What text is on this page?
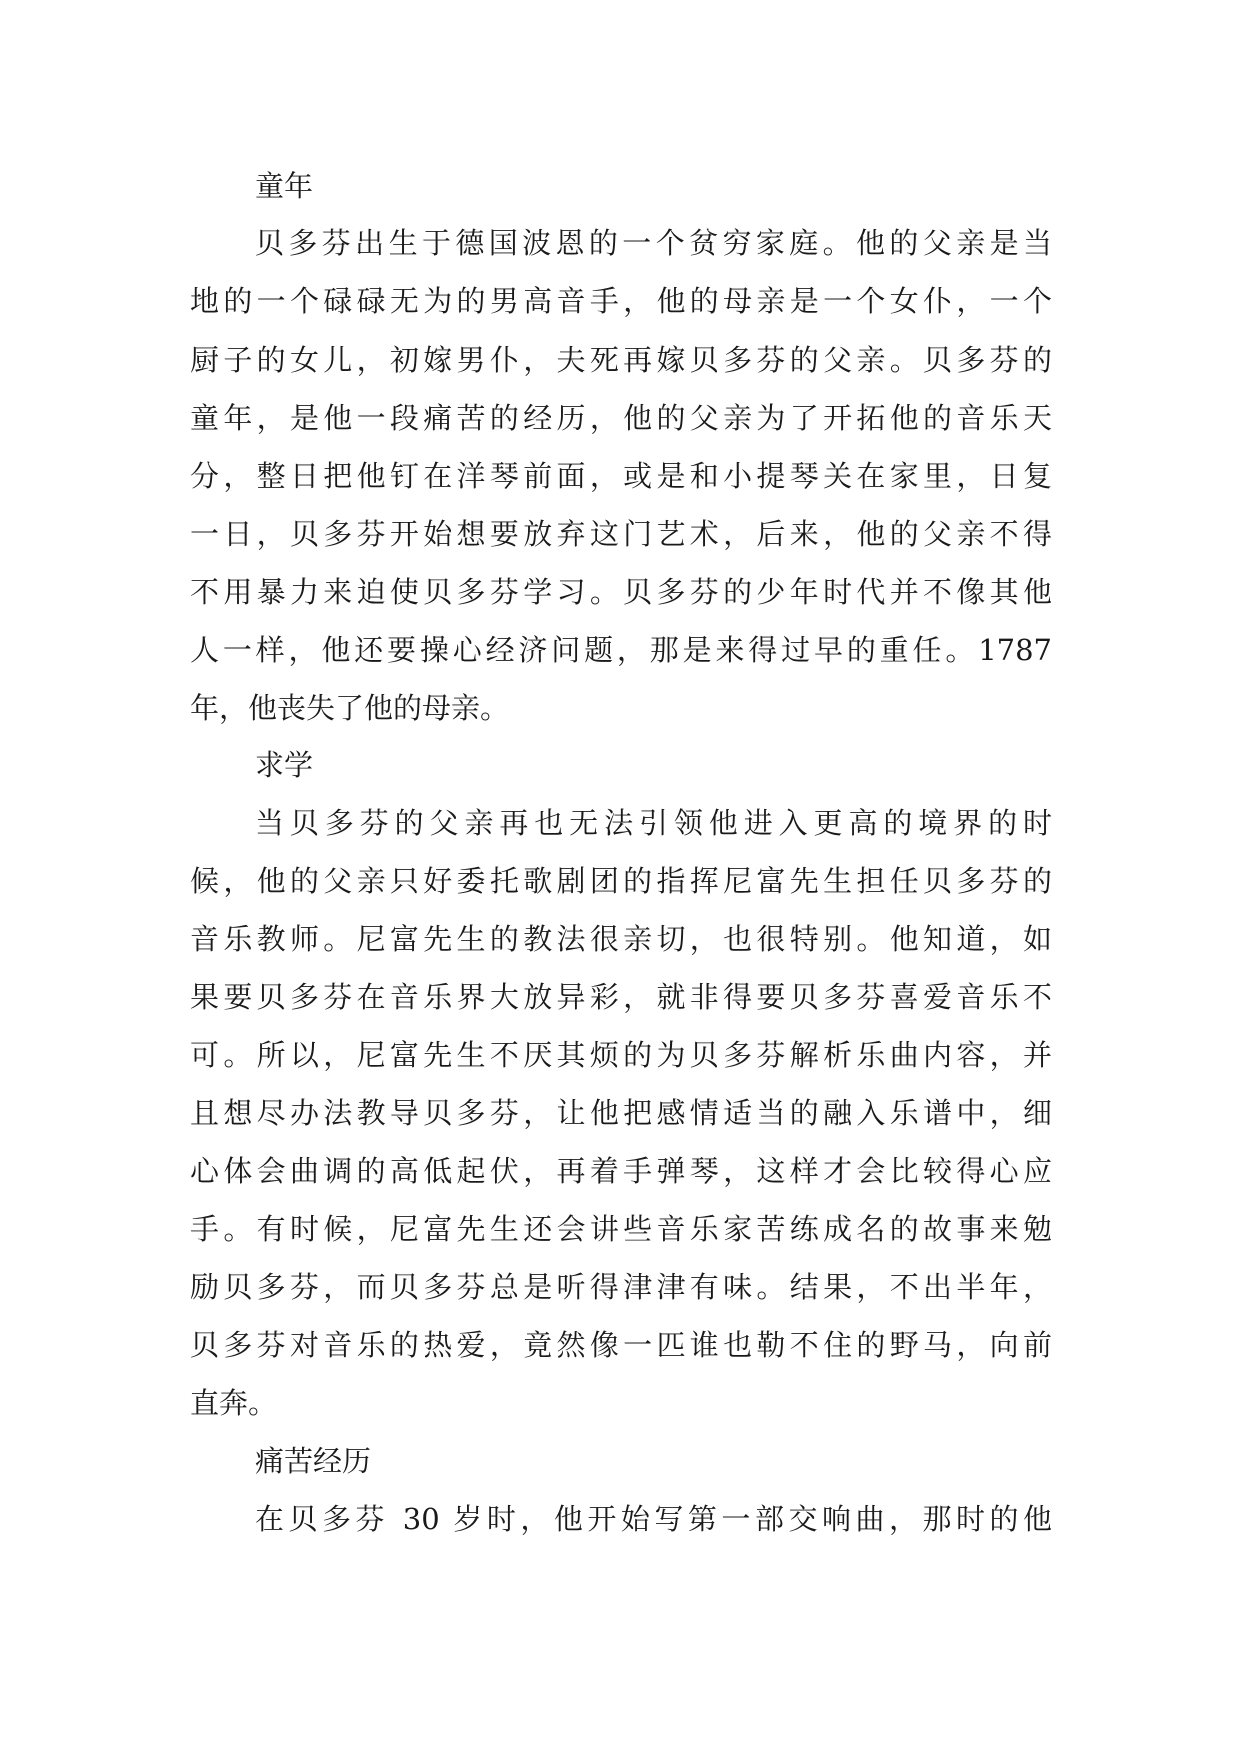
童年
贝多芬出生于德国波恩的一个贫穷家庭。他的父亲是当
地的一个碌碌无为的男高音手，他的母亲是一个女仆，一个
厨子的女儿，初嫁男仆，夫死再嫁贝多芬的父亲。贝多芬的
童年，是他一段痛苦的经历，他的父亲为了开拓他的音乐天
分，整日把他钉在洋琴前面，或是和小提琴关在家里，日复
一日，贝多芬开始想要放弃这门艺术，后来，他的父亲不得
不用暴力来迫使贝多芬学习。贝多芬的少年时代并不像其他
人一样，他还要操心经济问题，那是来得过早的重任。1787
年，他丧失了他的母亲。
求学
当贝多芬的父亲再也无法引领他进入更高的境界的时
候，他的父亲只好委托歌剧团的指挥尼富先生担任贝多芬的
音乐教师。尼富先生的教法很亲切，也很特别。他知道，如
果要贝多芬在音乐界大放异彩，就非得要贝多芬喜爱音乐不
可。所以，尼富先生不厌其烦的为贝多芬解析乐曲内容，并
且想尽办法教导贝多芬，让他把感情适当的融入乐谱中，细
心体会曲调的高低起伏，再着手弹琴，这样才会比较得心应
手。有时候，尼富先生还会讲些音乐家苦练成名的故事来勉
励贝多芬，而贝多芬总是听得津津有味。结果，不出半年，
贝多芬对音乐的热爱，竟然像一匹谁也勒不住的野马，向前
直奔。
痛苦经历
在贝多芬 30 岁时，他开始写第一部交响曲，那时的他
